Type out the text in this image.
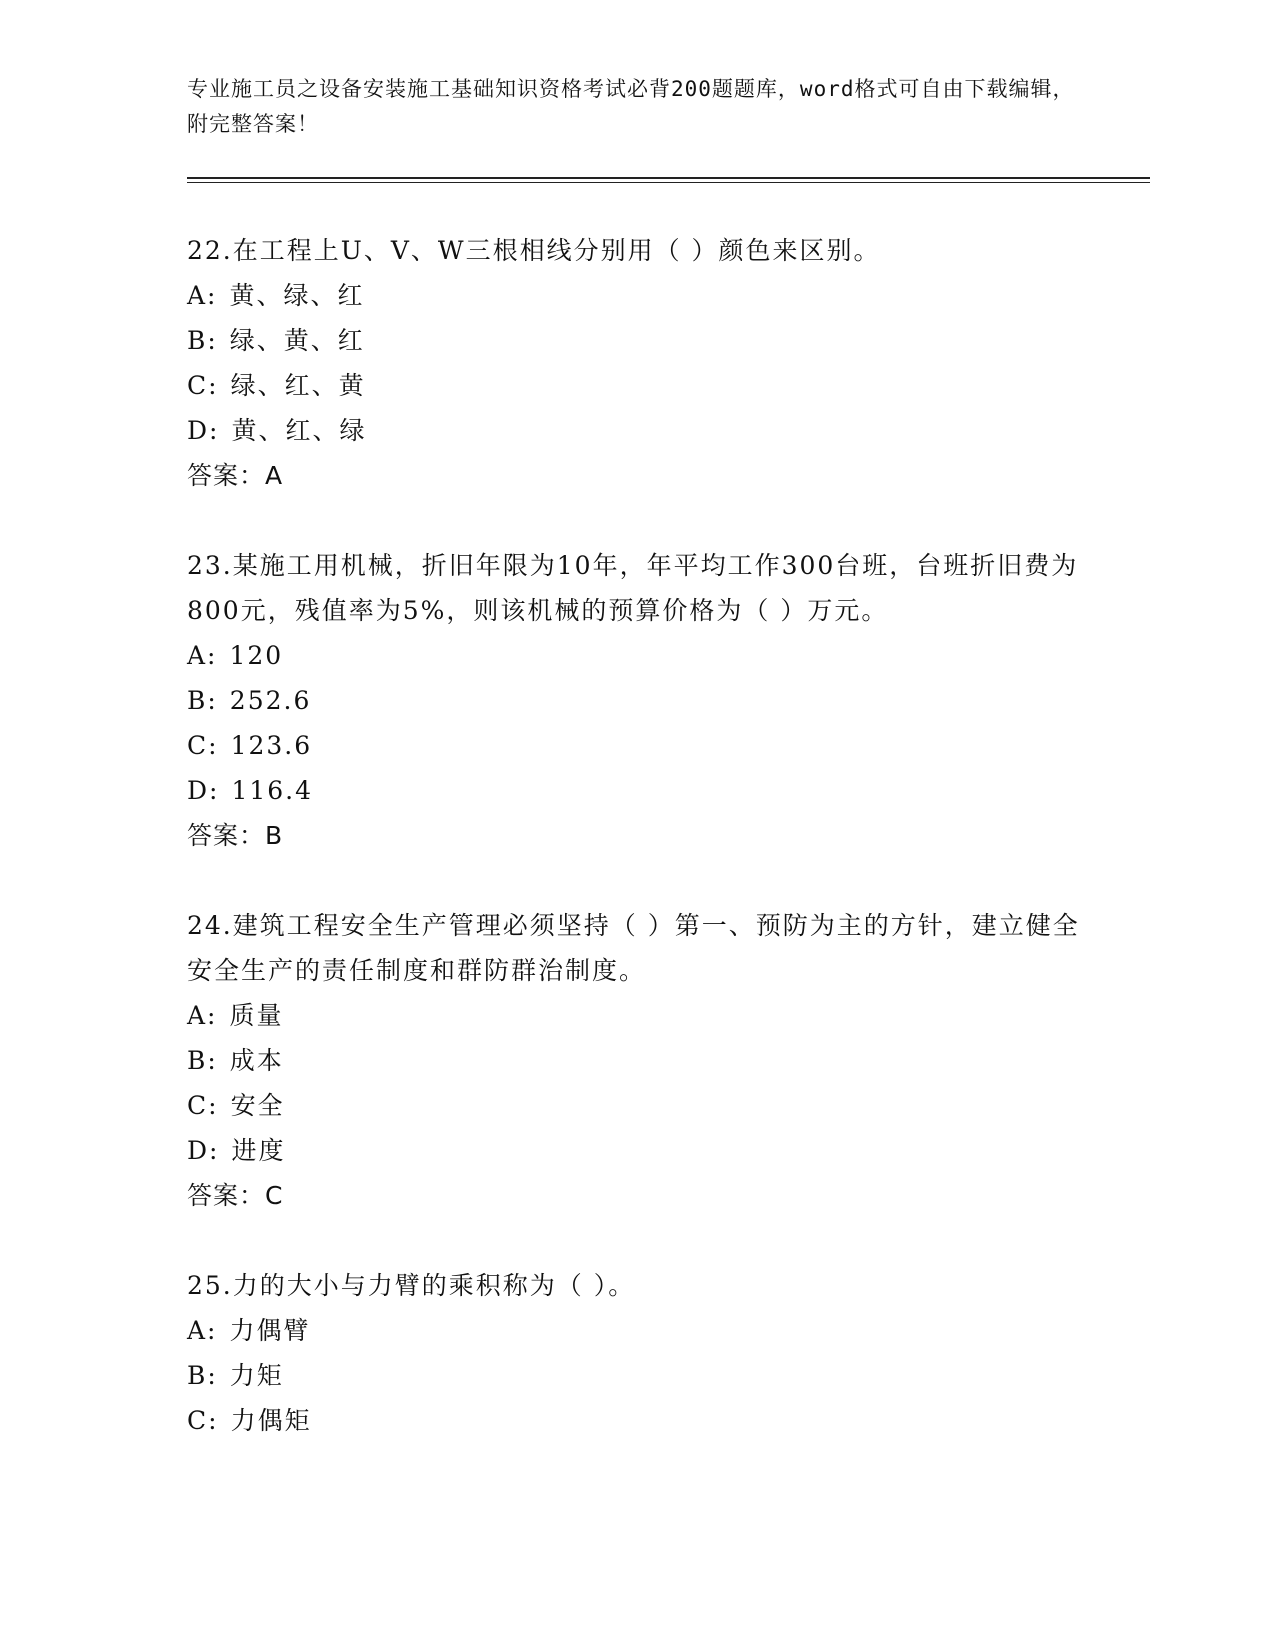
专业施工员之设备安装施工基础知识资格考试必背200题题库，word格式可自由下载编辑，附完整答案！
22.在工程上U、V、W三根相线分别用（ ）颜色来区别。
A: 黄、绿、红
B: 绿、黄、红
C: 绿、红、黄
D: 黄、红、绿
答案：A
23.某施工用机械，折旧年限为10年，年平均工作300台班，台班折旧费为800元，残值率为5%，则该机械的预算价格为（ ）万元。
A: 120
B: 252.6
C: 123.6
D: 116.4
答案：B
24.建筑工程安全生产管理必须坚持（ ）第一、预防为主的方针，建立健全安全生产的责任制度和群防群治制度。
A: 质量
B: 成本
C: 安全
D: 进度
答案：C
25.力的大小与力臂的乘积称为（ ）。
A: 力偶臂
B: 力矩
C: 力偶矩
